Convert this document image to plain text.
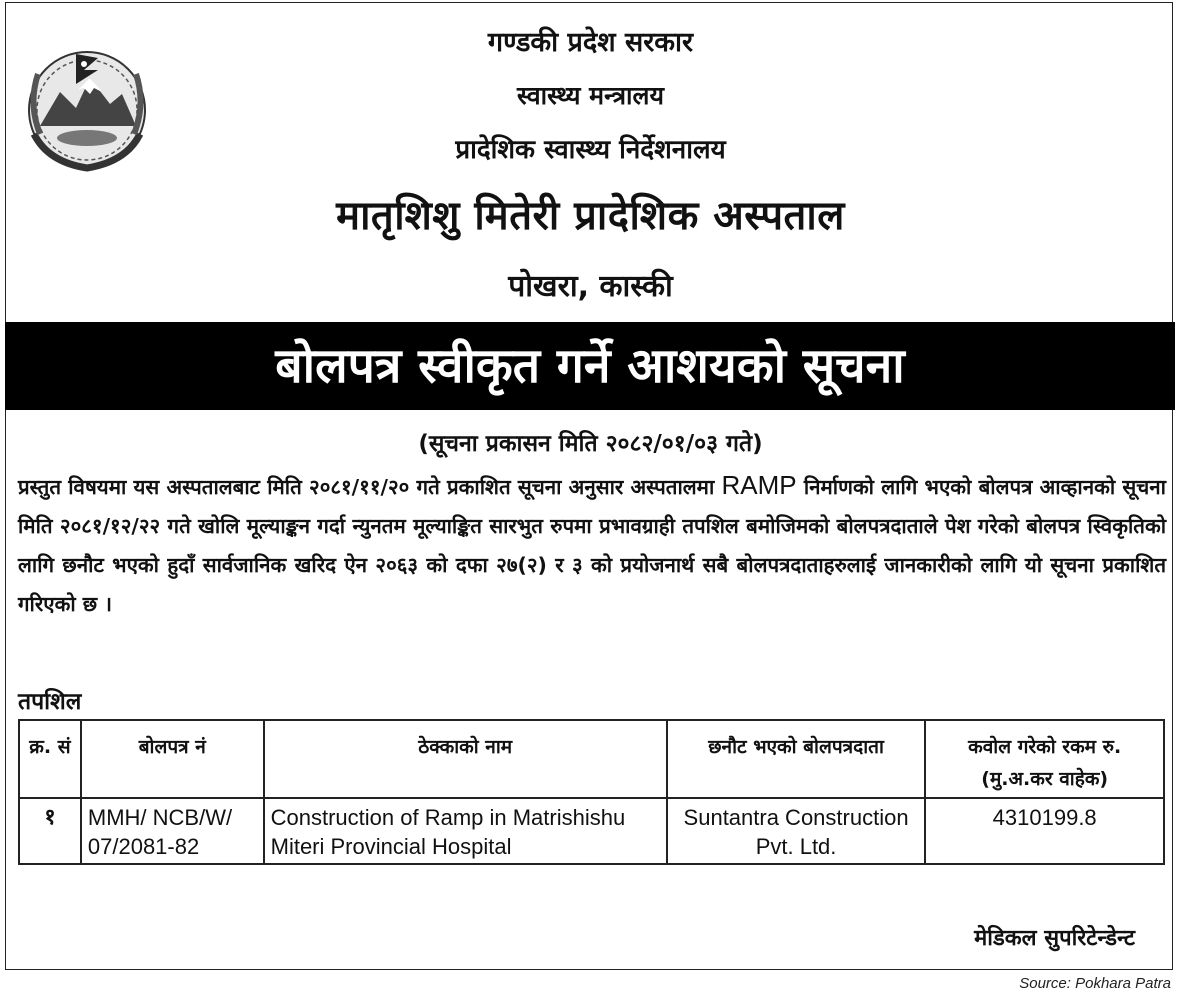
गण्डकी प्रदेश सरकार
स्वास्थ्य मन्त्रालय
प्रादेशिक स्वास्थ्य निर्देशनालय
मातृशिशु मितेरी प्रादेशिक अस्पताल
पोखरा, कास्की
बोलपत्र स्वीकृत गर्ने आशयको सूचना
(सूचना प्रकासन मिति २०८२/०१/०३ गते)
प्रस्तुत विषयमा यस अस्पतालबाट मिति २०८१/११/२० गते प्रकाशित सूचना अनुसार अस्पतालमा RAMP निर्माणको लागि भएको बोलपत्र आव्हानको सूचना मिति २०८१/१२/२२ गते खोलि मूल्याङ्कन गर्दा न्युनतम मूल्याङ्कित सारभुत रुपमा प्रभावग्राही तपशिल बमोजिमको बोलपत्रदाताले पेश गरेको बोलपत्र स्विकृतिको लागि छनौट भएको हुदाँ सार्वजानिक खरिद ऐन २०६३ को दफा २७(२) र ३ को प्रयोजनार्थ सबै बोलपत्रदाताहरुलाई जानकारीको लागि यो सूचना प्रकाशित गरिएको छ ।
तपशिल
क्र. सं	बोलपत्र नं	ठेक्काको नाम	छनौट भएको बोलपत्रदाता	कवोल गरेको रकम रु. (मु.अ.कर वाहेक)
१	MMH/ NCB/W/ 07/2081-82	Construction of Ramp in Matrishishu Miteri Provincial Hospital	Suntantra Construction Pvt. Ltd.	4310199.8
मेडिकल सुपरिटेन्डेन्ट
Source: Pokhara Patra
